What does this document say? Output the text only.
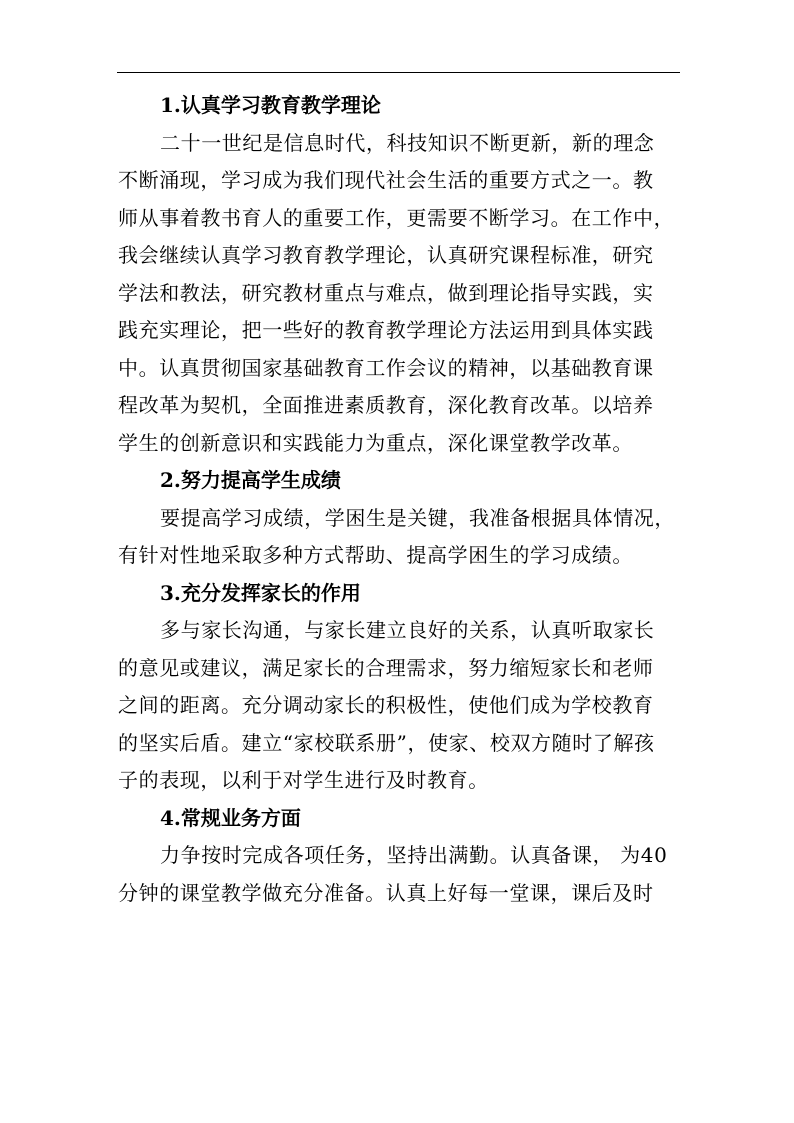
1.认真学习教育教学理论

二十一世纪是信息时代，科技知识不断更新，新的理念
不断涌现，学习成为我们现代社会生活的重要方式之一。教
师从事着教书育人的重要工作，更需要不断学习。在工作中，
我会继续认真学习教育教学理论，认真研究课程标准，研究
学法和教法，研究教材重点与难点，做到理论指导实践，实
践充实理论，把一些好的教育教学理论方法运用到具体实践
中。认真贯彻国家基础教育工作会议的精神，以基础教育课
程改革为契机，全面推进素质教育，深化教育改革。以培养
学生的创新意识和实践能力为重点，深化课堂教学改革。

2.努力提高学生成绩

要提高学习成绩，学困生是关键，我准备根据具体情况，
有针对性地采取多种方式帮助、提高学困生的学习成绩。

3.充分发挥家长的作用

多与家长沟通，与家长建立良好的关系，认真听取家长
的意见或建议，满足家长的合理需求，努力缩短家长和老师
之间的距离。充分调动家长的积极性，使他们成为学校教育
的坚实后盾。建立“家校联系册”，使家、校双方随时了解孩
子的表现，以利于对学生进行及时教育。

4.常规业务方面

力争按时完成各项任务，坚持出满勤。认真备课， 为40
分钟的课堂教学做充分准备。认真上好每一堂课，课后及时
